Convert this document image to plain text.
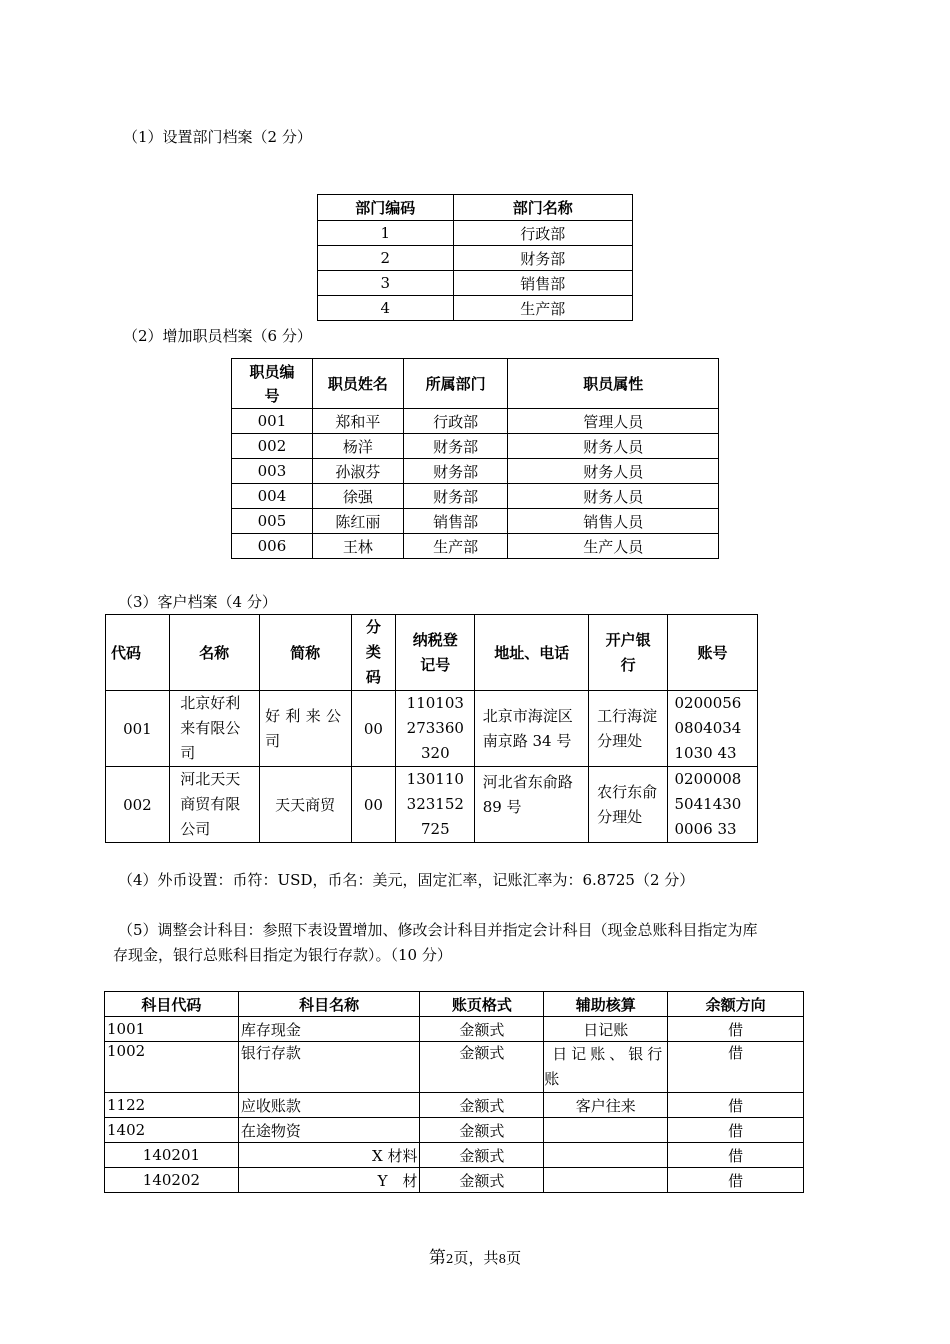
（1）设置部门档案（2 分）
部门编码	部门名称
1	行政部
2	财务部
3	销售部
4	生产部
（2）增加职员档案（6 分）
职员编号	职员姓名	所属部门	职员属性
001	郑和平	行政部	管理人员
002	杨洋	财务部	财务人员
003	孙淑芬	财务部	财务人员
004	徐强	财务部	财务人员
005	陈红丽	销售部	销售人员
006	王林	生产部	生产人员
（3）客户档案（4 分）
代码	名称	简称	分类码	纳税登记号	地址、电话	开户银行	账号
001	北京好利来有限公司	好利来公司	00	110103273360320	北京市海淀区南京路 34 号	工行海淀分理处	020005608040341030 43

002	河北天天商贸有限公司	天天商贸	00	130110323152725	河北省东俞路 89 号	农行东俞分理处	020000850414300006 33
（4）外币设置：币符：USD，币名：美元，固定汇率，记账汇率为：6.8725（2 分）
（5）调整会计科目：参照下表设置增加、修改会计科目并指定会计科目（现金总账科目指定为库
存现金，银行总账科目指定为银行存款）。（10 分）
科目代码	科目名称	账页格式	辅助核算	余额方向
1001	库存现金	金额式	日记账	借
1002	银行存款	金额式	日记账、银行账	借
1122	应收账款	金额式	客户往来	借
1402	在途物资	金额式		借
140201	X 材料	金额式		借
140202	Y　材	金额式		借
第2页，共8页
